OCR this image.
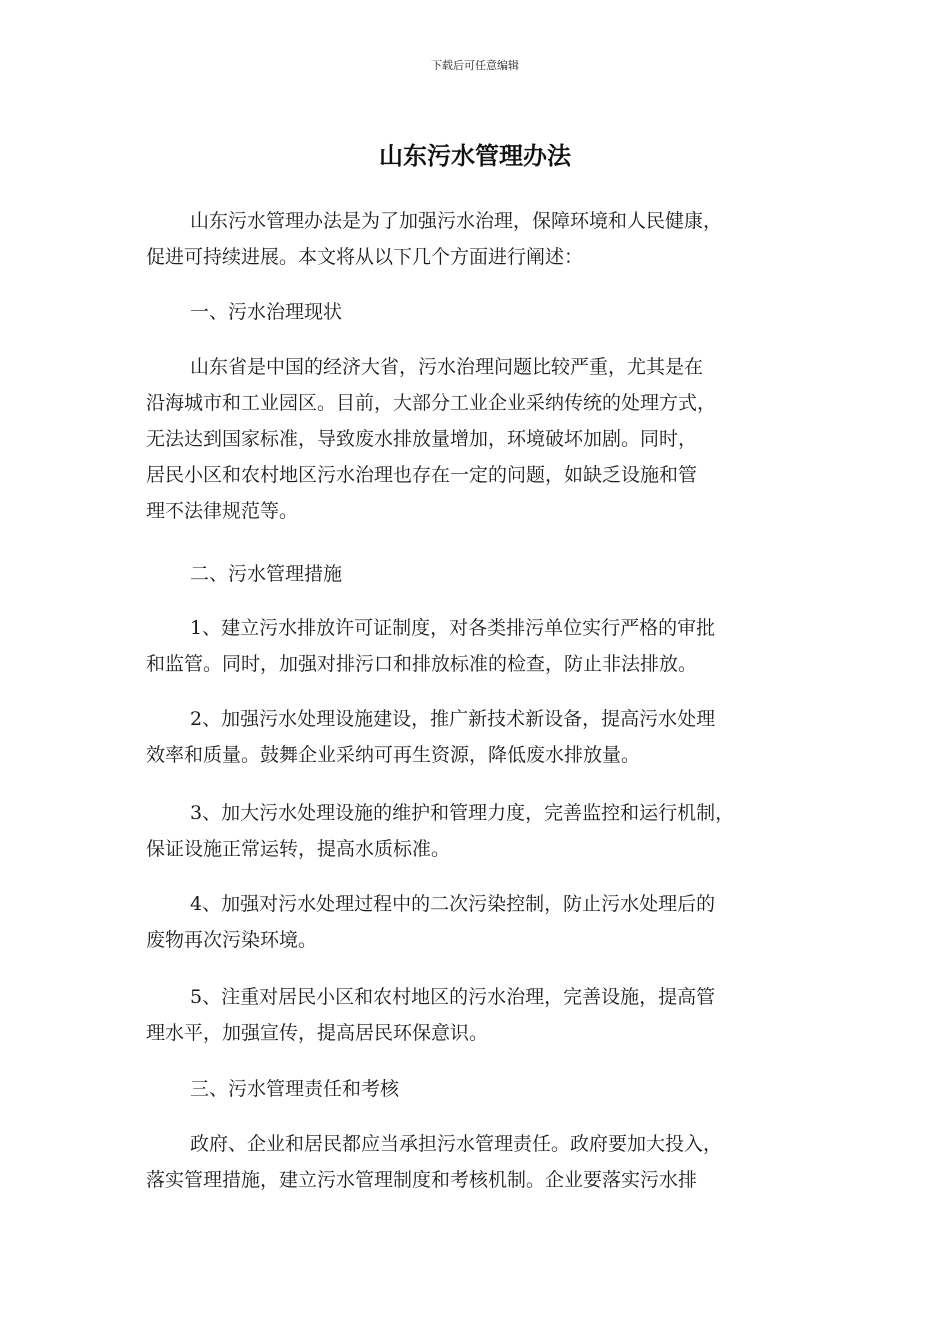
下载后可任意编辑
山东污水管理办法
山东污水管理办法是为了加强污水治理，保障环境和人民健康，
促进可持续进展。本文将从以下几个方面进行阐述：
一、污水治理现状
山东省是中国的经济大省，污水治理问题比较严重，尤其是在
沿海城市和工业园区。目前，大部分工业企业采纳传统的处理方式，
无法达到国家标准，导致废水排放量增加，环境破坏加剧。同时，
居民小区和农村地区污水治理也存在一定的问题，如缺乏设施和管
理不法律规范等。
二、污水管理措施
1、建立污水排放许可证制度，对各类排污单位实行严格的审批
和监管。同时，加强对排污口和排放标准的检查，防止非法排放。
2、加强污水处理设施建设，推广新技术新设备，提高污水处理
效率和质量。鼓舞企业采纳可再生资源，降低废水排放量。
3、加大污水处理设施的维护和管理力度，完善监控和运行机制，
保证设施正常运转，提高水质标准。
4、加强对污水处理过程中的二次污染控制，防止污水处理后的
废物再次污染环境。
5、注重对居民小区和农村地区的污水治理，完善设施，提高管
理水平，加强宣传，提高居民环保意识。
三、污水管理责任和考核
政府、企业和居民都应当承担污水管理责任。政府要加大投入，
落实管理措施，建立污水管理制度和考核机制。企业要落实污水排
